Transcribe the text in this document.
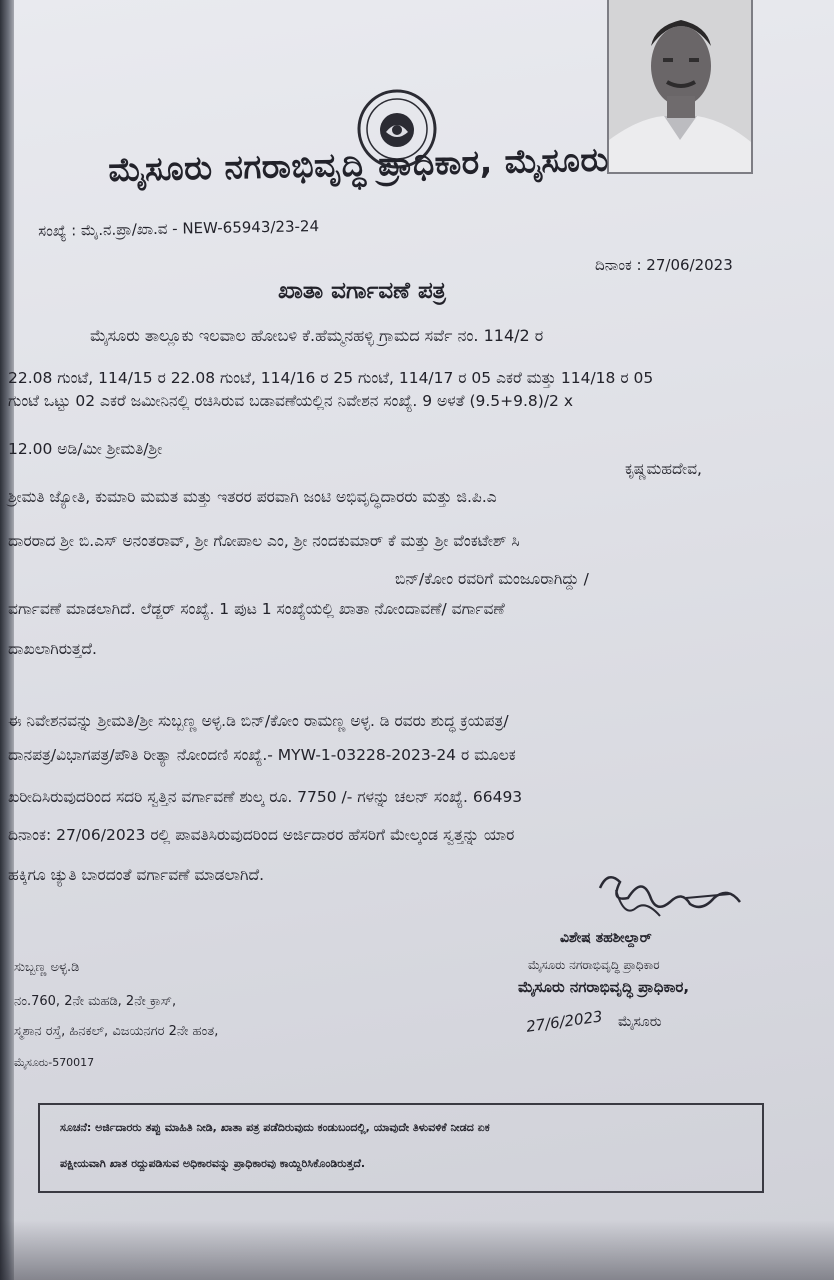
ಮೈಸೂರು ನಗರಾಭಿವೃದ್ಧಿ ಪ್ರಾಧಿಕಾರ, ಮೈಸೂರು
ಸಂಖ್ಯೆ : ಮೈ.ನ.ಪ್ರಾ/ಖಾ.ವ - NEW-65943/23-24
ದಿನಾಂಕ : 27/06/2023
ಖಾತಾ ವರ್ಗಾವಣೆ ಪತ್ರ
ಮೈಸೂರು ತಾಲ್ಲೂಕು ಇಲವಾಲ ಹೋಬಳಿ ಕೆ.ಹೆಮ್ಮನಹಳ್ಳಿ ಗ್ರಾಮದ ಸರ್ವೆ ನಂ. 114/2 ರ
22.08 ಗುಂಟೆ, 114/15 ರ 22.08 ಗುಂಟೆ, 114/16 ರ 25 ಗುಂಟೆ, 114/17 ರ 05 ಎಕರೆ ಮತ್ತು 114/18 ರ 05
ಗುಂಟೆ ಒಟ್ಟು 02 ಎಕರೆ ಜಮೀನಿನಲ್ಲಿ ರಚಿಸಿರುವ ಬಡಾವಣೆಯಲ್ಲಿನ ನಿವೇಶನ ಸಂಖ್ಯೆ. 9 ಅಳತೆ (9.5+9.8)/2 x
12.00 ಅಡಿ/ಮೀ ಶ್ರೀಮತಿ/ಶ್ರೀ
ಕೃಷ್ಣಮಹದೇವ,
ಶ್ರೀಮತಿ ಜ್ಯೋತಿ, ಕುಮಾರಿ ಮಮತ ಮತ್ತು ಇತರರ ಪರವಾಗಿ ಜಂಟಿ ಅಭಿವೃದ್ಧಿದಾರರು ಮತ್ತು ಜಿ.ಪಿ.ಎ
ದಾರರಾದ ಶ್ರೀ ಬಿ.ಎಸ್ ಅನಂತರಾವ್, ಶ್ರೀ ಗೋಪಾಲ ಎಂ, ಶ್ರೀ ನಂದಕುಮಾರ್ ಕೆ ಮತ್ತು ಶ್ರೀ ವೆಂಕಟೇಶ್ ಸಿ
ಬಿನ್/ಕೋಂ ರವರಿಗೆ ಮಂಜೂರಾಗಿದ್ದು /
ವರ್ಗಾವಣೆ ಮಾಡಲಾಗಿದೆ. ಲೆಡ್ಜರ್ ಸಂಖ್ಯೆ. 1 ಪುಟ 1 ಸಂಖ್ಯೆಯಲ್ಲಿ ಖಾತಾ ನೋಂದಾವಣೆ/ ವರ್ಗಾವಣೆ
ದಾಖಲಾಗಿರುತ್ತದೆ.
ಈ ನಿವೇಶನವನ್ನು ಶ್ರೀಮತಿ/ಶ್ರೀ ಸುಬ್ಬಣ್ಣ ಅಳ್ಳ.ಡಿ ಬಿನ್/ಕೋಂ ರಾಮಣ್ಣ ಅಳ್ಳ. ಡಿ ರವರು ಶುದ್ಧ ಕ್ರಯಪತ್ರ/
ದಾನಪತ್ರ/ವಿಭಾಗಪತ್ರ/ಪೌತಿ ರೀತ್ಯಾ ನೋಂದಣಿ ಸಂಖ್ಯೆ.- MYW-1-03228-2023-24 ರ ಮೂಲಕ
ಖರೀದಿಸಿರುವುದರಿಂದ ಸದರಿ ಸ್ವತ್ತಿನ ವರ್ಗಾವಣೆ ಶುಲ್ಕ ರೂ. 7750 /- ಗಳನ್ನು ಚಲನ್ ಸಂಖ್ಯೆ. 66493
ದಿನಾಂಕ: 27/06/2023 ರಲ್ಲಿ ಪಾವತಿಸಿರುವುದರಿಂದ ಅರ್ಜಿದಾರರ ಹೆಸರಿಗೆ ಮೇಲ್ಕಂಡ ಸ್ವತ್ತನ್ನು ಯಾರ
ಹಕ್ಕಿಗೂ ಚ್ಯುತಿ ಬಾರದಂತೆ ವರ್ಗಾವಣೆ ಮಾಡಲಾಗಿದೆ.
ಸುಬ್ಬಣ್ಣ ಅಳ್ಳ.ಡಿ
ನಂ.760, 2ನೇ ಮಹಡಿ, 2ನೇ ಕ್ರಾಸ್,
ಸ್ಮಶಾನ ರಸ್ತೆ, ಹಿನಕಲ್, ವಿಜಯನಗರ 2ನೇ ಹಂತ,
ಮೈಸೂರು-570017
ವಿಶೇಷ ತಹಶೀಲ್ದಾರ್
ಮೈಸೂರು ನಗರಾಭಿವೃದ್ಧಿ ಪ್ರಾಧಿಕಾರ
ಮೈಸೂರು ನಗರಾಭಿವೃದ್ಧಿ ಪ್ರಾಧಿಕಾರ,
ಮೈಸೂರು
27/6/2023
ಸೂಚನೆ: ಅರ್ಜಿದಾರರು ತಪ್ಪು ಮಾಹಿತಿ ನೀಡಿ, ಖಾತಾ ಪತ್ರ ಪಡೆದಿರುವುದು ಕಂಡುಬಂದಲ್ಲಿ, ಯಾವುದೇ ತಿಳುವಳಿಕೆ ನೀಡದ ಏಕ
ಪಕ್ಷೀಯವಾಗಿ ಖಾತ ರದ್ದುಪಡಿಸುವ ಅಧಿಕಾರವನ್ನು ಪ್ರಾಧಿಕಾರವು ಕಾಯ್ದಿರಿಸಿಕೊಂಡಿರುತ್ತದೆ.
